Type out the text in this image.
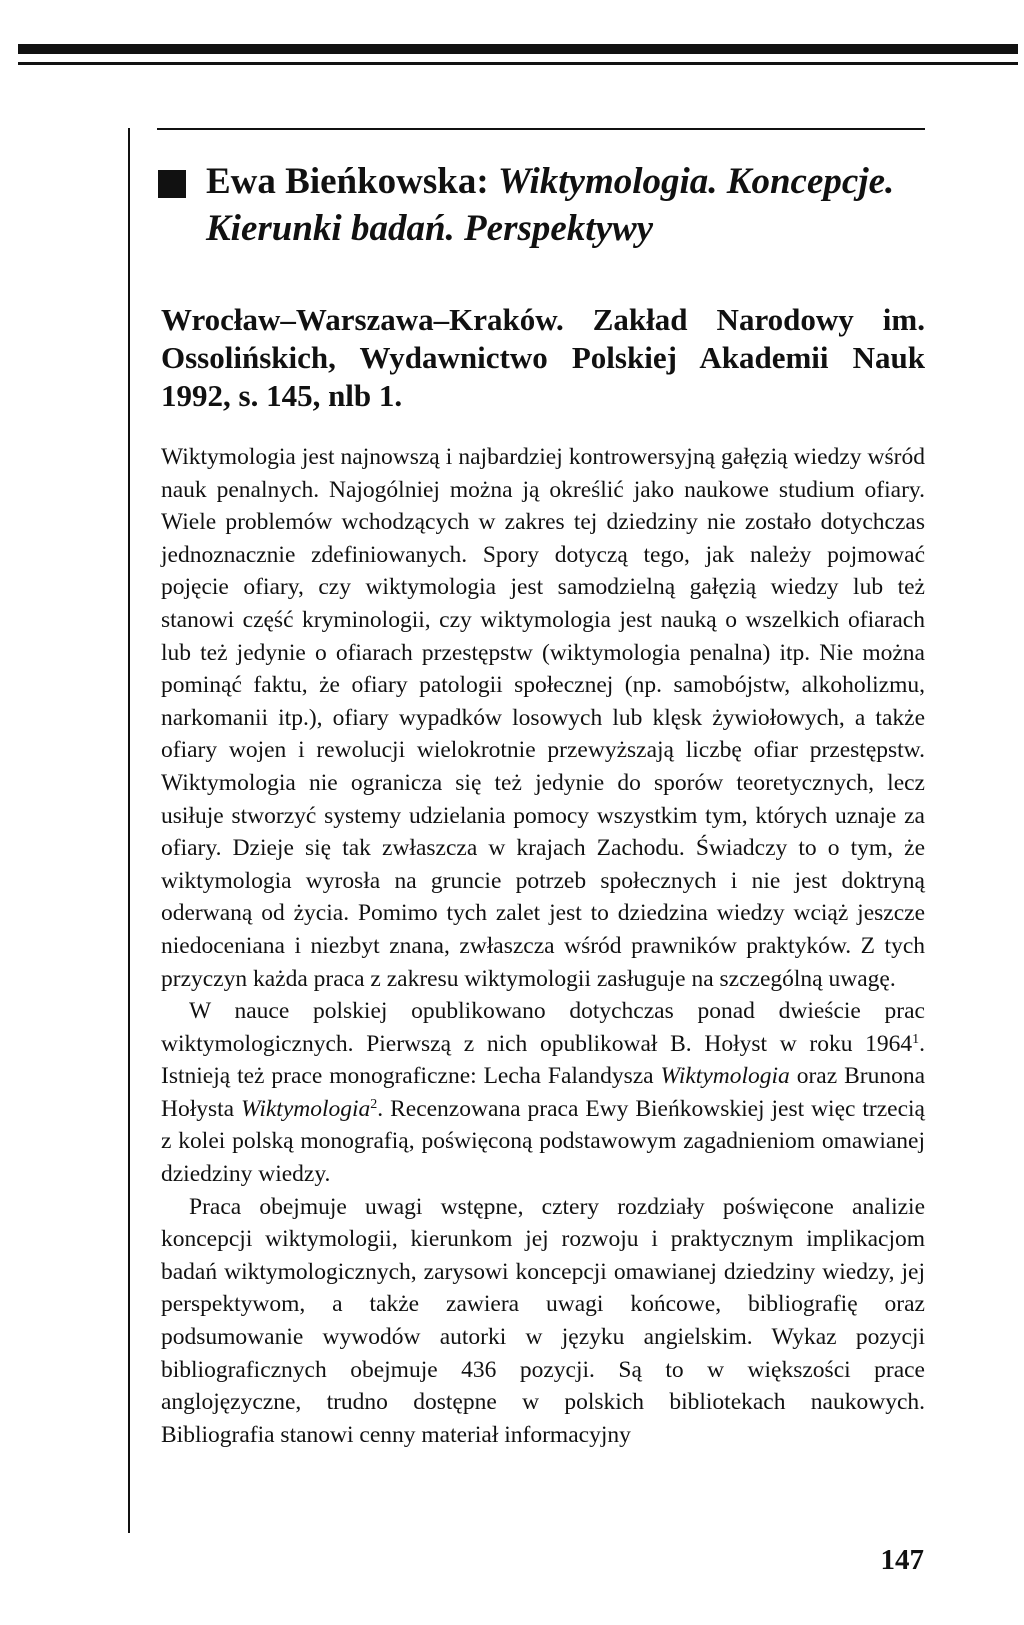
Ewa Bieńkowska: Wiktymologia. Koncepcje. Kierunki badań. Perspektywy

Wrocław–Warszawa–Kraków. Zakład Narodowy im. Ossolińskich, Wydawnictwo Polskiej Akademii Nauk 1992, s. 145, nlb 1.

Wiktymologia jest najnowszą i najbardziej kontrowersyjną gałęzią wiedzy wśród nauk penalnych. Najogólniej można ją określić jako naukowe studium ofiary. Wiele problemów wchodzących w zakres tej dziedziny nie zostało dotychczas jednoznacznie zdefiniowanych. Spory dotyczą tego, jak należy pojmować pojęcie ofiary, czy wiktymologia jest samodzielną gałęzią wiedzy lub też stanowi część kryminologii, czy wiktymologia jest nauką o wszelkich ofiarach lub też jedynie o ofiarach przestępstw (wiktymologia penalna) itp. Nie można pominąć faktu, że ofiary patologii społecznej (np. samobójstw, alkoholizmu, narkomanii itp.), ofiary wypadków losowych lub klęsk żywiołowych, a także ofiary wojen i rewolucji wielokrotnie przewyższają liczbę ofiar przestępstw. Wiktymologia nie ogranicza się też jedynie do sporów teoretycznych, lecz usiłuje stworzyć systemy udzielania pomocy wszystkim tym, których uznaje za ofiary. Dzieje się tak zwłaszcza w krajach Zachodu. Świadczy to o tym, że wiktymologia wyrosła na gruncie potrzeb społecznych i nie jest doktryną oderwaną od życia. Pomimo tych zalet jest to dziedzina wiedzy wciąż jeszcze niedoceniana i niezbyt znana, zwłaszcza wśród prawników praktyków. Z tych przyczyn każda praca z zakresu wiktymologii zasługuje na szczególną uwagę.

W nauce polskiej opublikowano dotychczas ponad dwieście prac wiktymologicznych. Pierwszą z nich opublikował B. Hołyst w roku 1964$^1$. Istnieją też prace monograficzne: Lecha Falandysza Wiktymologia oraz Brunona Hołysta Wiktymologia$^2$. Recenzowana praca Ewy Bieńkowskiej jest więc trzecią z kolei polską monografią, poświęconą podstawowym zagadnieniom omawianej dziedziny wiedzy.

Praca obejmuje uwagi wstępne, cztery rozdziały poświęcone analizie koncepcji wiktymologii, kierunkom jej rozwoju i praktycznym implikacjom badań wiktymologicznych, zarysowi koncepcji omawianej dziedziny wiedzy, jej perspektywom, a także zawiera uwagi końcowe, bibliografię oraz podsumowanie wywodów autorki w języku angielskim. Wykaz pozycji bibliograficznych obejmuje 436 pozycji. Są to w większości prace anglojęzyczne, trudno dostępne w polskich bibliotekach naukowych. Bibliografia stanowi cenny materiał informacyjny

147
